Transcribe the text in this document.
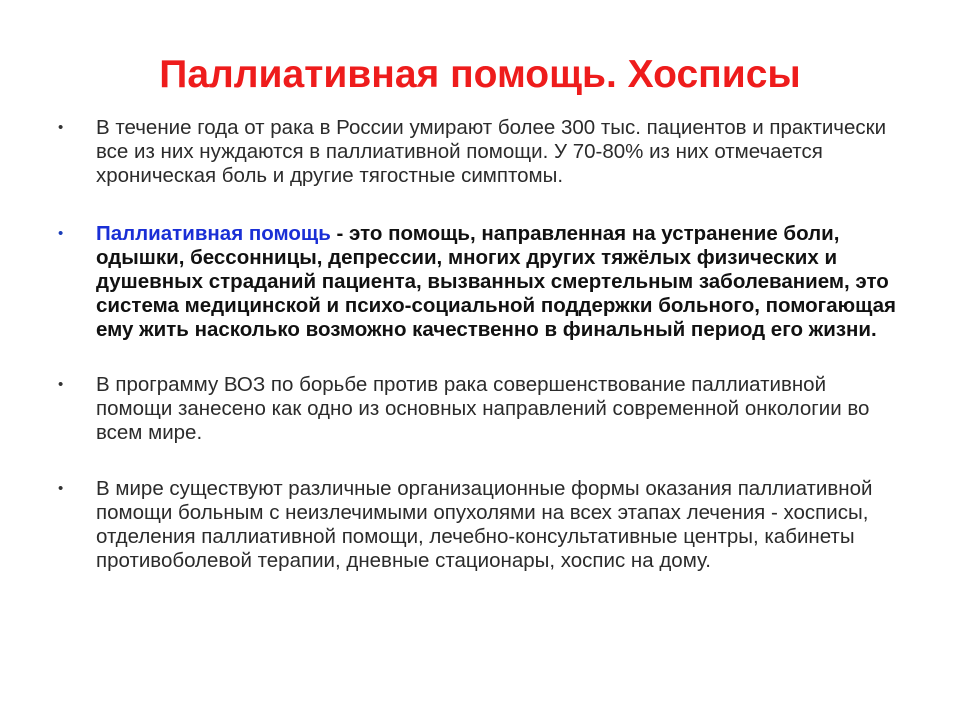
Паллиативная помощь. Хосписы
• В течение года от рака в России умирают более 300 тыс. пациентов и практически все из них нуждаются в паллиативной помощи. У 70-80% из них отмечается хроническая боль и другие тягостные симптомы.
• Паллиативная помощь - это помощь, направленная на устранение боли, одышки, бессонницы, депрессии, многих других тяжёлых физических и душевных страданий пациента, вызванных смертельным заболеванием, это система медицинской и психо-социальной поддержки больного, помогающая ему жить насколько возможно качественно в финальный период его жизни.
• В программу ВОЗ по борьбе против рака совершенствование паллиативной помощи занесено как одно из основных направлений современной онкологии во всем мире.
• В мире существуют различные организационные формы оказания паллиативной помощи больным с неизлечимыми опухолями на всех этапах лечения - хосписы, отделения паллиативной помощи, лечебно-консультативные центры, кабинеты противоболевой терапии, дневные стационары, хоспис на дому.
